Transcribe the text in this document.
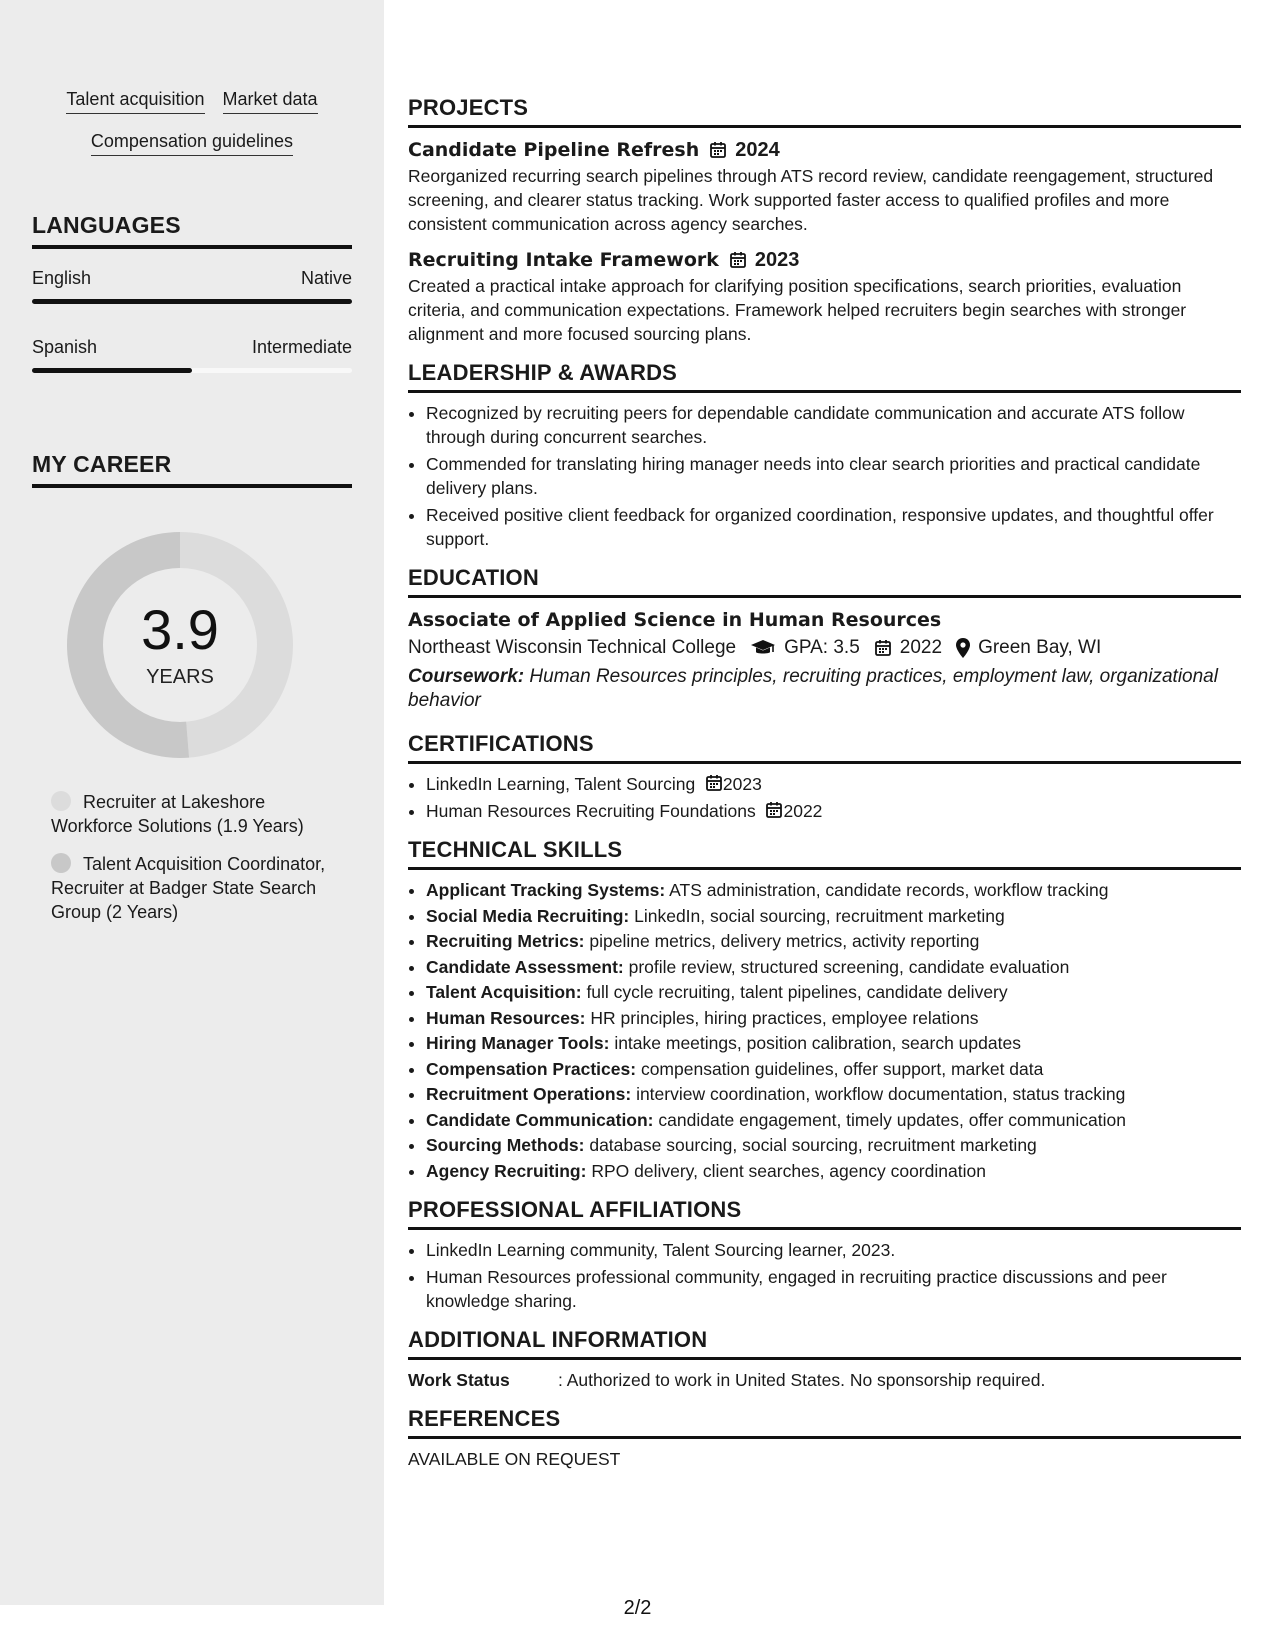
Talent acquisition Market data
Compensation guidelines
LANGUAGES
English	Native
Spanish	Intermediate
MY CAREER
3.9
YEARS
Recruiter at Lakeshore Workforce Solutions (1.9 Years)
Talent Acquisition Coordinator, Recruiter at Badger State Search Group (2 Years)
PROJECTS
Candidate Pipeline Refresh 2024

Reorganized recurring search pipelines through ATS record review, candidate reengagement, structured screening, and clearer status tracking. Work supported faster access to qualified profiles and more consistent communication across agency searches.

Recruiting Intake Framework 2023

Created a practical intake approach for clarifying position specifications, search priorities, evaluation criteria, and communication expectations. Framework helped recruiters begin searches with stronger alignment and more focused sourcing plans.

LEADERSHIP & AWARDS
• Recognized by recruiting peers for dependable candidate communication and accurate ATS follow through during concurrent searches.
• Commended for translating hiring manager needs into clear search priorities and practical candidate delivery plans.
• Received positive client feedback for organized coordination, responsive updates, and thoughtful offer support.
EDUCATION
Associate of Applied Science in Human Resources
Northeast Wisconsin Technical College	GPA: 3.5 2022 Green Bay, WI
Coursework: Human Resources principles, recruiting practices, employment law, organizational behavior
CERTIFICATIONS
• LinkedIn Learning, Talent Sourcing 2023
• Human Resources Recruiting Foundations 2022
TECHNICAL SKILLS
• Applicant Tracking Systems: ATS administration, candidate records, workflow tracking
• Social Media Recruiting: LinkedIn, social sourcing, recruitment marketing
• Recruiting Metrics: pipeline metrics, delivery metrics, activity reporting
• Candidate Assessment: profile review, structured screening, candidate evaluation
• Talent Acquisition: full cycle recruiting, talent pipelines, candidate delivery
• Human Resources: HR principles, hiring practices, employee relations
• Hiring Manager Tools: intake meetings, position calibration, search updates
• Compensation Practices: compensation guidelines, offer support, market data
• Recruitment Operations: interview coordination, workflow documentation, status tracking
• Candidate Communication: candidate engagement, timely updates, offer communication
• Sourcing Methods: database sourcing, social sourcing, recruitment marketing
• Agency Recruiting: RPO delivery, client searches, agency coordination
PROFESSIONAL AFFILIATIONS
• LinkedIn Learning community, Talent Sourcing learner, 2023.
• Human Resources professional community, engaged in recruiting practice discussions and peer knowledge sharing.
ADDITIONAL INFORMATION
Work Status	: Authorized to work in United States. No sponsorship required.
REFERENCES
AVAILABLE ON REQUEST
2/2
